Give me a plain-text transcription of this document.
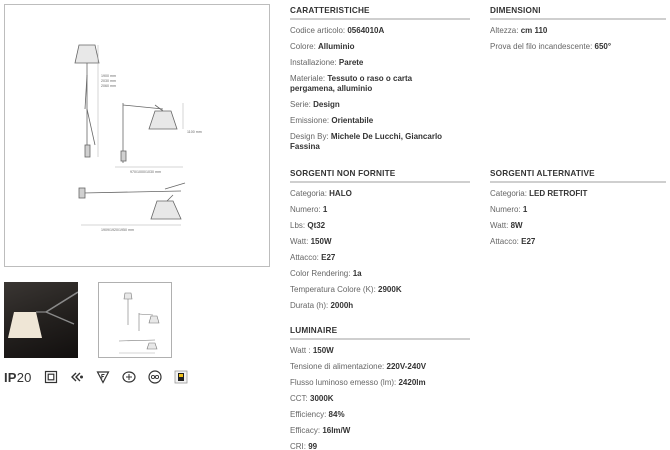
1900 mm
2030 mm
2060 mm
1100 mm
970/1000/1030 mm
1909/1920/1950 mm
IP20
CARATTERISTICHE
Codice articolo: 0564010A
Colore: Alluminio
Installazione: Parete
Materiale: Tessuto o raso o carta pergamena, alluminio
Serie: Design
Emissione: Orientabile
Design By: Michele De Lucchi, Giancarlo Fassina
DIMENSIONI
Altezza: cm 110
Prova del filo incandescente: 650°
SORGENTI NON FORNITE
Categoria: HALO
Numero: 1
Lbs: Qt32
Watt: 150W
Attacco: E27
Color Rendering: 1a
Temperatura Colore (K): 2900K
Durata (h): 2000h
SORGENTI ALTERNATIVE
Categoria: LED RETROFIT
Numero: 1
Watt: 8W
Attacco: E27
LUMINAIRE
Watt : 150W
Tensione di alimentazione: 220V-240V
Flusso luminoso emesso (lm): 2420lm
CCT: 3000K
Efficiency: 84%
Efficacy: 16lm/W
CRI: 99
